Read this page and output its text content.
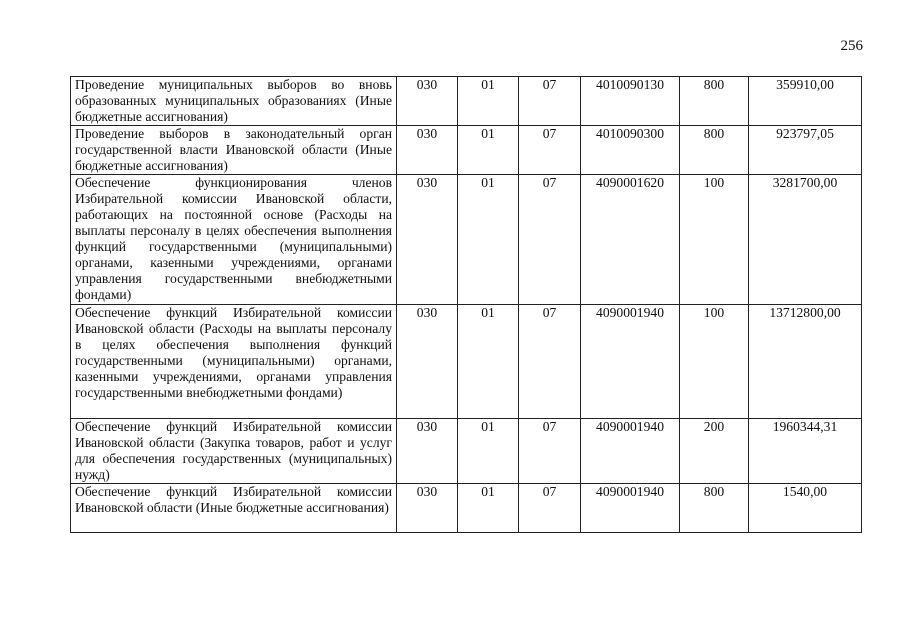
256
Проведение муниципальных выборов во вновь образованных муниципальных образованиях (Иные бюджетные ассигнования)	030	01	07	4010090130	800	359910,00
Проведение выборов в законодательный орган государственной власти Ивановской области (Иные бюджетные ассигнования)	030	01	07	4010090300	800	923797,05
Обеспечение функционирования членов Избирательной комиссии Ивановской области, работающих на постоянной основе (Расходы на выплаты персоналу в целях обеспечения выполнения функций государственными (муниципальными) органами, казенными учреждениями, органами управления государственными внебюджетными фондами)	030	01	07	4090001620	100	3281700,00
Обеспечение функций Избирательной комиссии Ивановской области (Расходы на выплаты персоналу в целях обеспечения выполнения функций государственными (муниципальными) органами, казенными учреждениями, органами управления государственными внебюджетными фондами)	030	01	07	4090001940	100	13712800,00
Обеспечение функций Избирательной комиссии Ивановской области (Закупка товаров, работ и услуг для обеспечения государственных (муниципальных) нужд)	030	01	07	4090001940	200	1960344,31
Обеспечение функций Избирательной комиссии Ивановской области (Иные бюджетные ассигнования)	030	01	07	4090001940	800	1540,00
